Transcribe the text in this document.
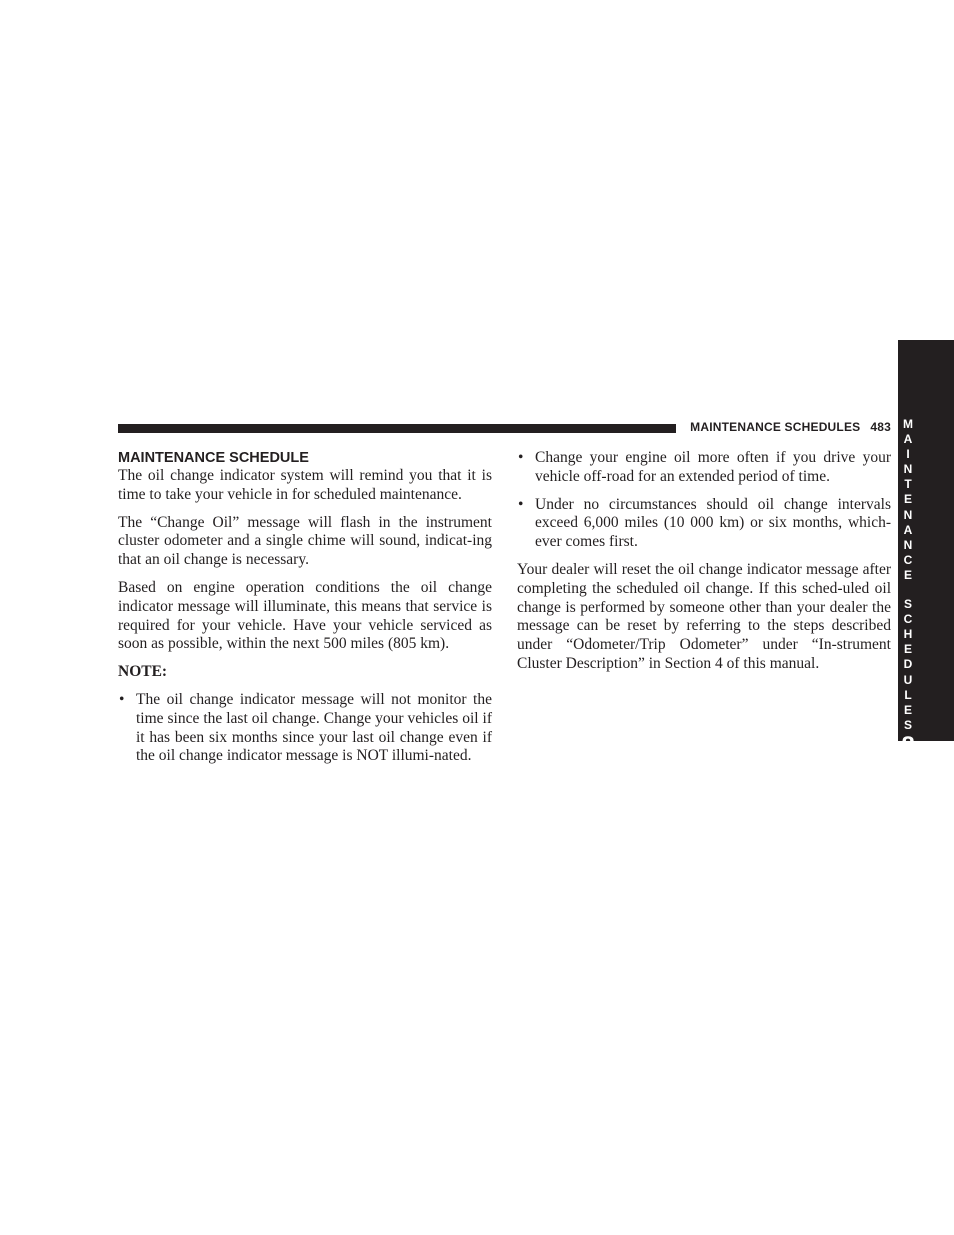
MAINTENANCE SCHEDULES 483 M
A
I
N
T
E
N
A
N
C
E
S
C
H
E
D
U
L
E
S
8
MAINTENANCE SCHEDULE

The oil change indicator system will remind you that it is time to take your vehicle in for scheduled maintenance.

The “Change Oil” message will flash in the instrument cluster odometer and a single chime will sound, indicat-ing that an oil change is necessary.

Based on engine operation conditions the oil change indicator message will illuminate, this means that service is required for your vehicle. Have your vehicle serviced as soon as possible, within the next 500 miles (805 km).

NOTE:

• The oil change indicator message will not monitor the time since the last oil change. Change your vehicles oil if it has been six months since your last oil change even if the oil change indicator message is NOT illumi-nated.
• Change your engine oil more often if you drive your vehicle off-road for an extended period of time.
• Under no circumstances should oil change intervals exceed 6,000 miles (10 000 km) or six months, which-ever comes first.

Your dealer will reset the oil change indicator message after completing the scheduled oil change. If this sched-uled oil change is performed by someone other than your dealer the message can be reset by referring to the steps described under “Odometer/Trip Odometer” under “In-strument Cluster Description” in Section 4 of this manual.
